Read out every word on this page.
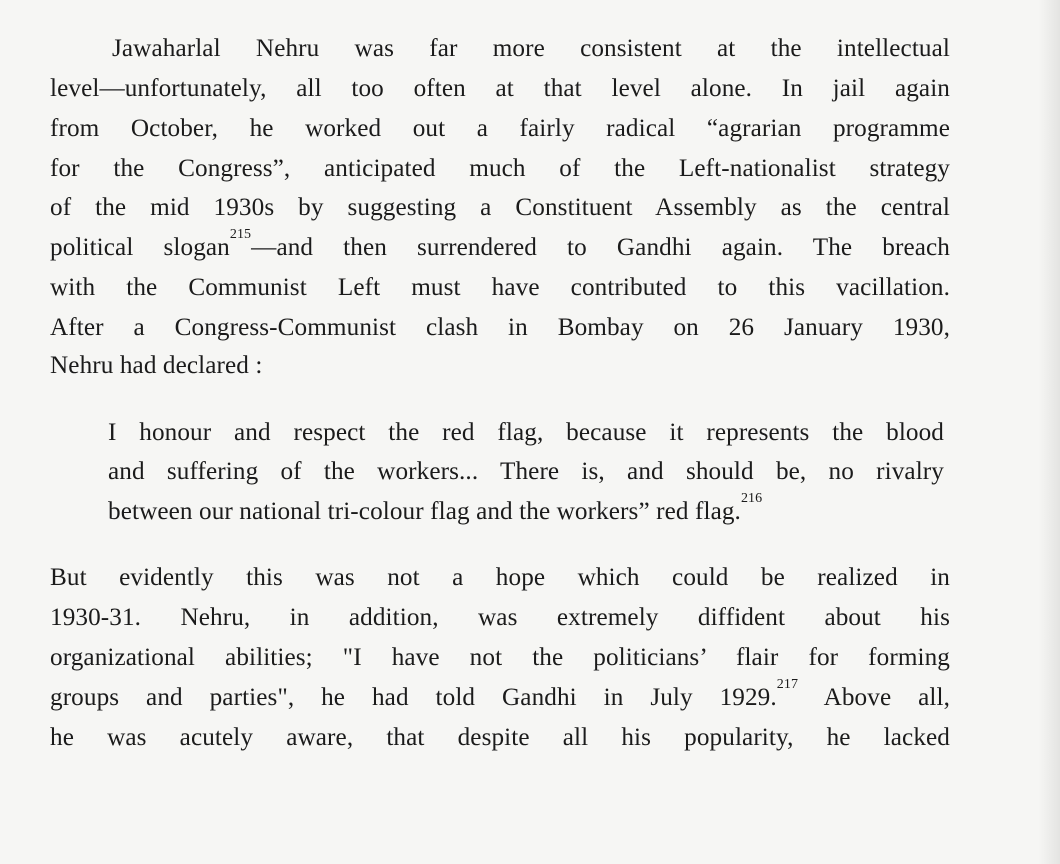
Jawaharlal Nehru was far more consistent at the intellectual
level—unfortunately, all too often at that level alone. In jail again
from October, he worked out a fairly radical “agrarian programme
for the Congress”, anticipated much of the Left-nationalist strategy
of the mid 1930s by suggesting a Constituent Assembly as the central
political slogan$^{215}$—and then surrendered to Gandhi again. The breach
with the Communist Left must have contributed to this vacillation.
After a Congress-Communist clash in Bombay on 26 January 1930,
Nehru had declared :
I honour and respect the red flag, because it represents the blood
and suffering of the workers... There is, and should be, no rivalry
between our national tri-colour flag and the workers” red flag.$^{216}$
But evidently this was not a hope which could be realized in
1930-31. Nehru, in addition, was extremely diffident about his
organizational abilities; "I have not the politicians’ flair for forming
groups and parties", he had told Gandhi in July 1929.$^{217}$ Above all,
he was acutely aware, that despite all his popularity, he lacked
